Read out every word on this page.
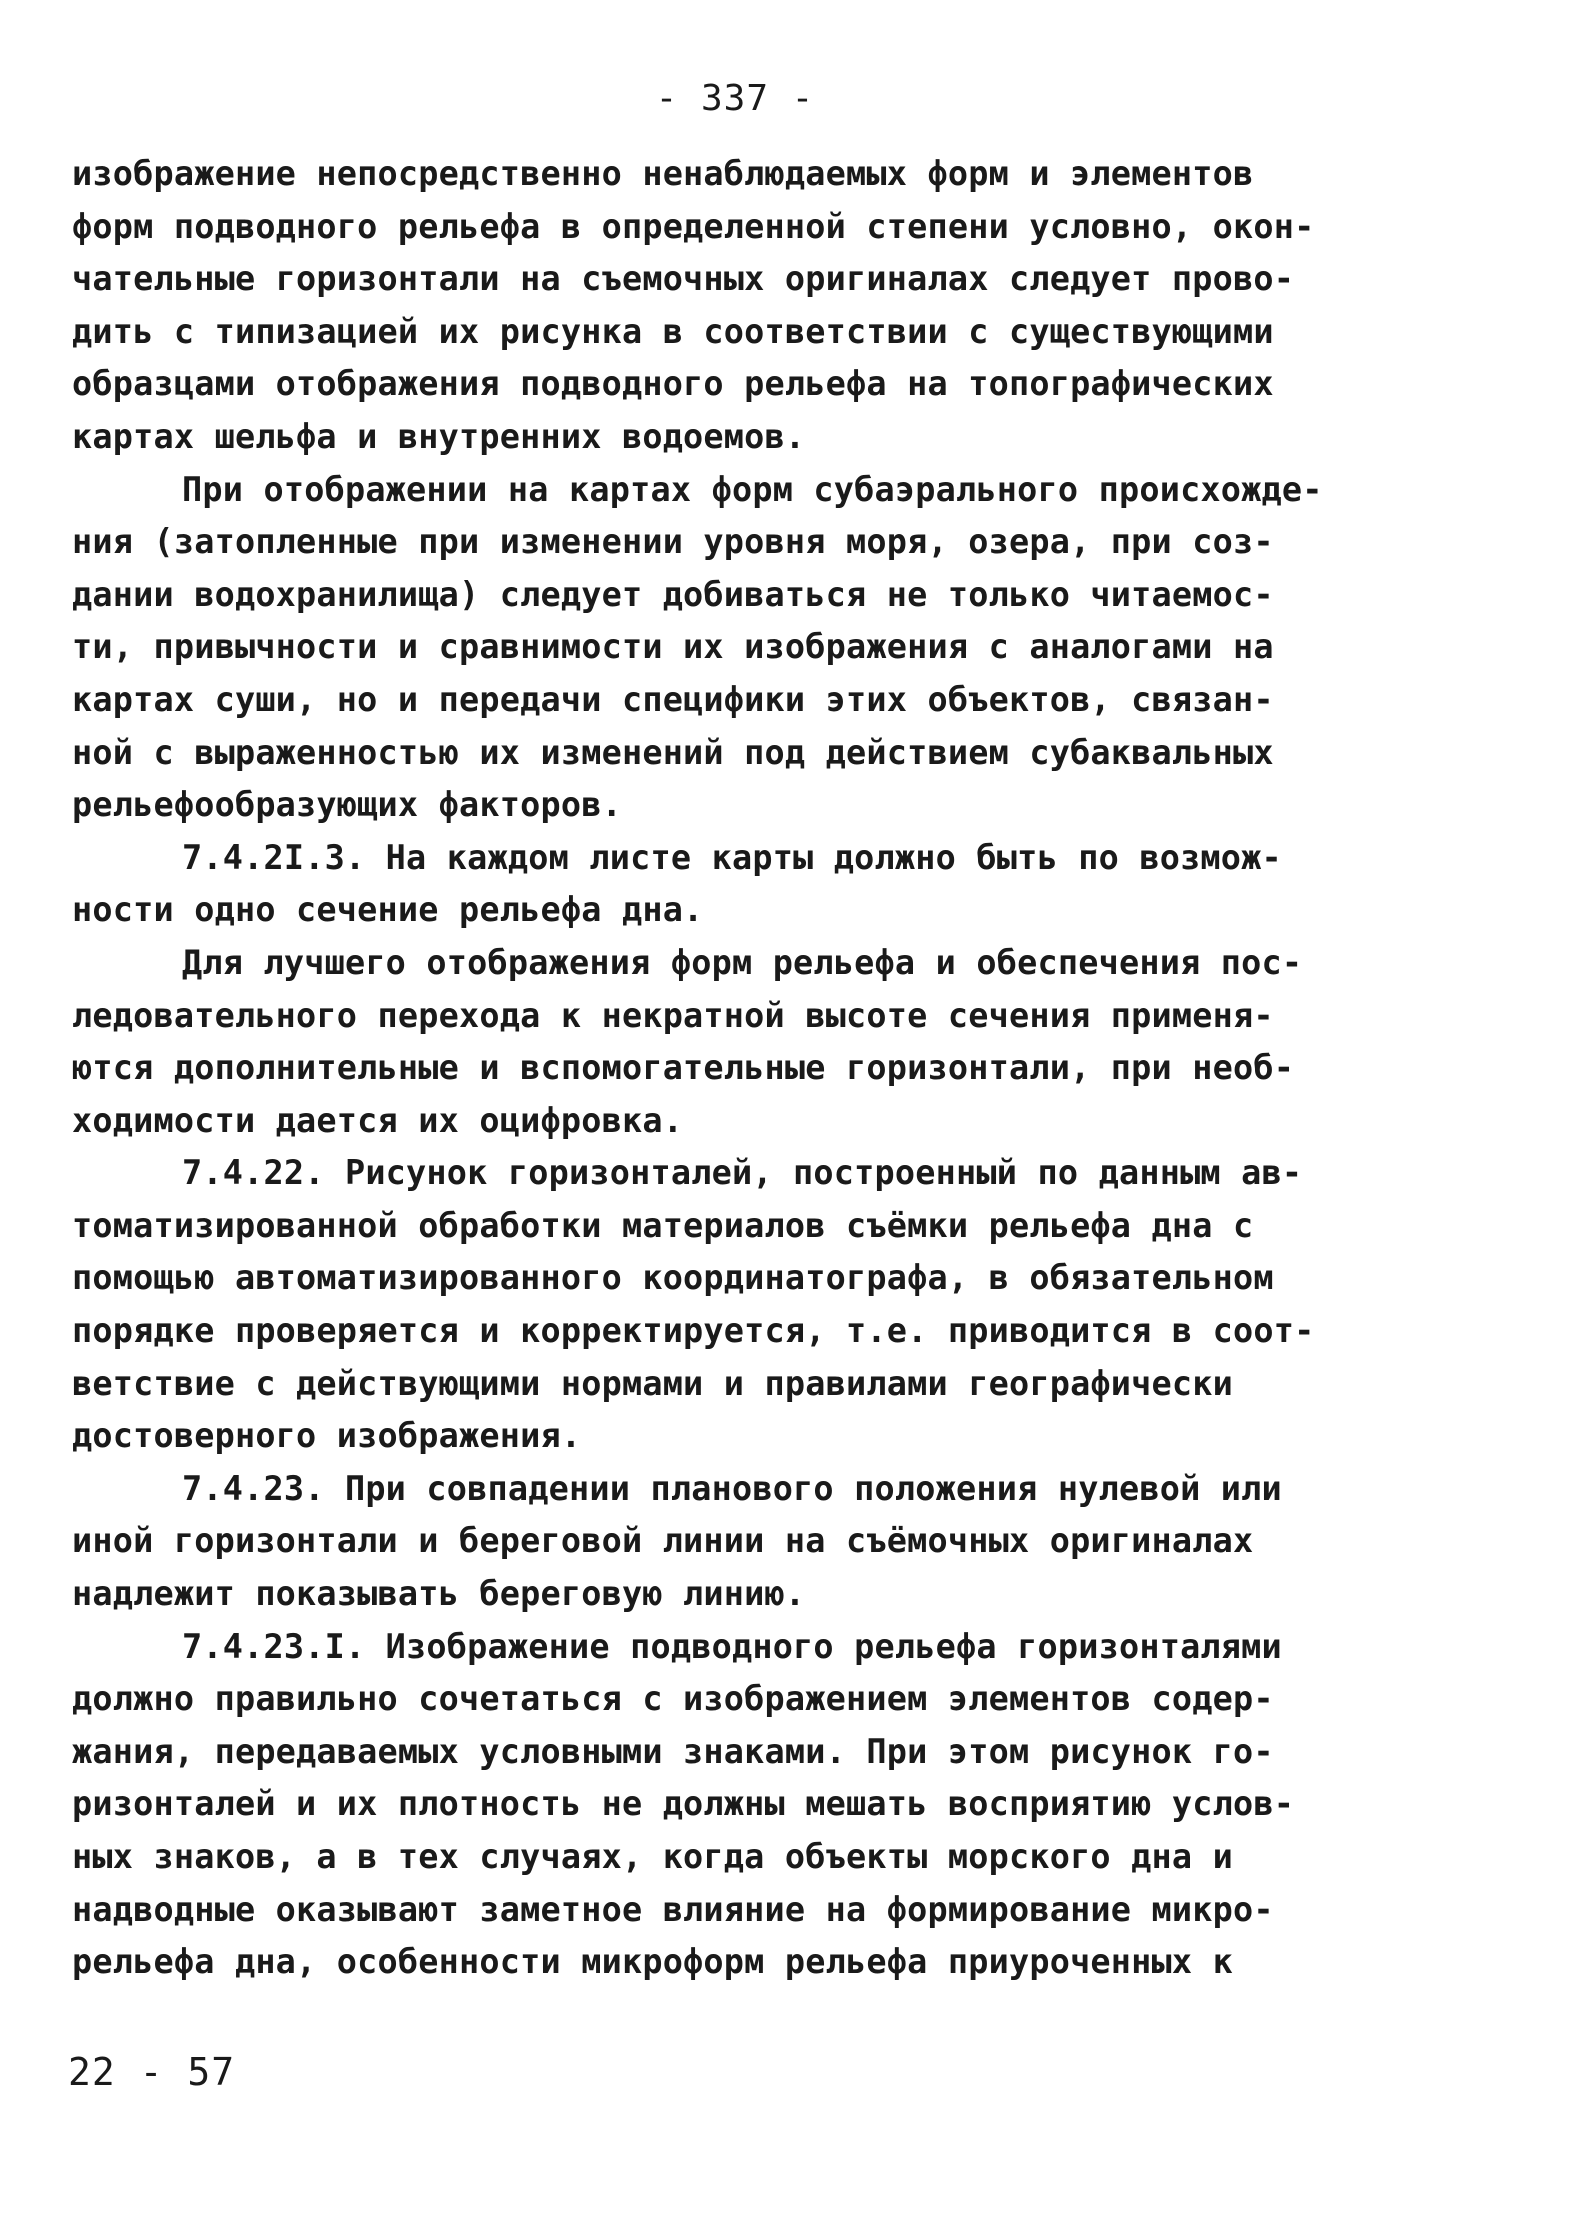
- 337 -
изображение непосредственно ненаблюдаемых форм и элементов
форм подводного рельефа в определенной степени условно, окон-
чательные горизонтали на съемочных оригиналах следует прово-
дить с типизацией их рисунка в соответствии с существующими
образцами отображения подводного рельефа на топографических
картах шельфа и внутренних водоемов.
При отображении на картах форм субаэрального происхожде-
ния (затопленные при изменении уровня моря, озера, при соз-
дании водохранилища) следует добиваться не только читаемос-
ти, привычности и сравнимости их изображения с аналогами на
картах суши, но и передачи специфики этих объектов, связан-
ной с выраженностью их изменений под действием субаквальных
рельефообразующих факторов.
7.4.2I.3. На каждом листе карты должно быть по возмож-
ности одно сечение рельефа дна.
Для лучшего отображения форм рельефа и обеспечения пос-
ледовательного перехода к некратной высоте сечения применя-
ются дополнительные и вспомогательные горизонтали, при необ-
ходимости дается их оцифровка.
7.4.22. Рисунок горизонталей, построенный по данным ав-
томатизированной обработки материалов съёмки рельефа дна с
помощью автоматизированного координатографа, в обязательном
порядке проверяется и корректируется, т.е. приводится в соот-
ветствие с действующими нормами и правилами географически
достоверного изображения.
7.4.23. При совпадении планового положения нулевой или
иной горизонтали и береговой линии на съёмочных оригиналах
надлежит показывать береговую линию.
7.4.23.I. Изображение подводного рельефа горизонталями
должно правильно сочетаться с изображением элементов содер-
жания, передаваемых условными знаками. При этом рисунок го-
ризонталей и их плотность не должны мешать восприятию услов-
ных знаков, а в тех случаях, когда объекты морского дна и
надводные оказывают заметное влияние на формирование микро-
рельефа дна, особенности микроформ рельефа приуроченных к
22 - 57
